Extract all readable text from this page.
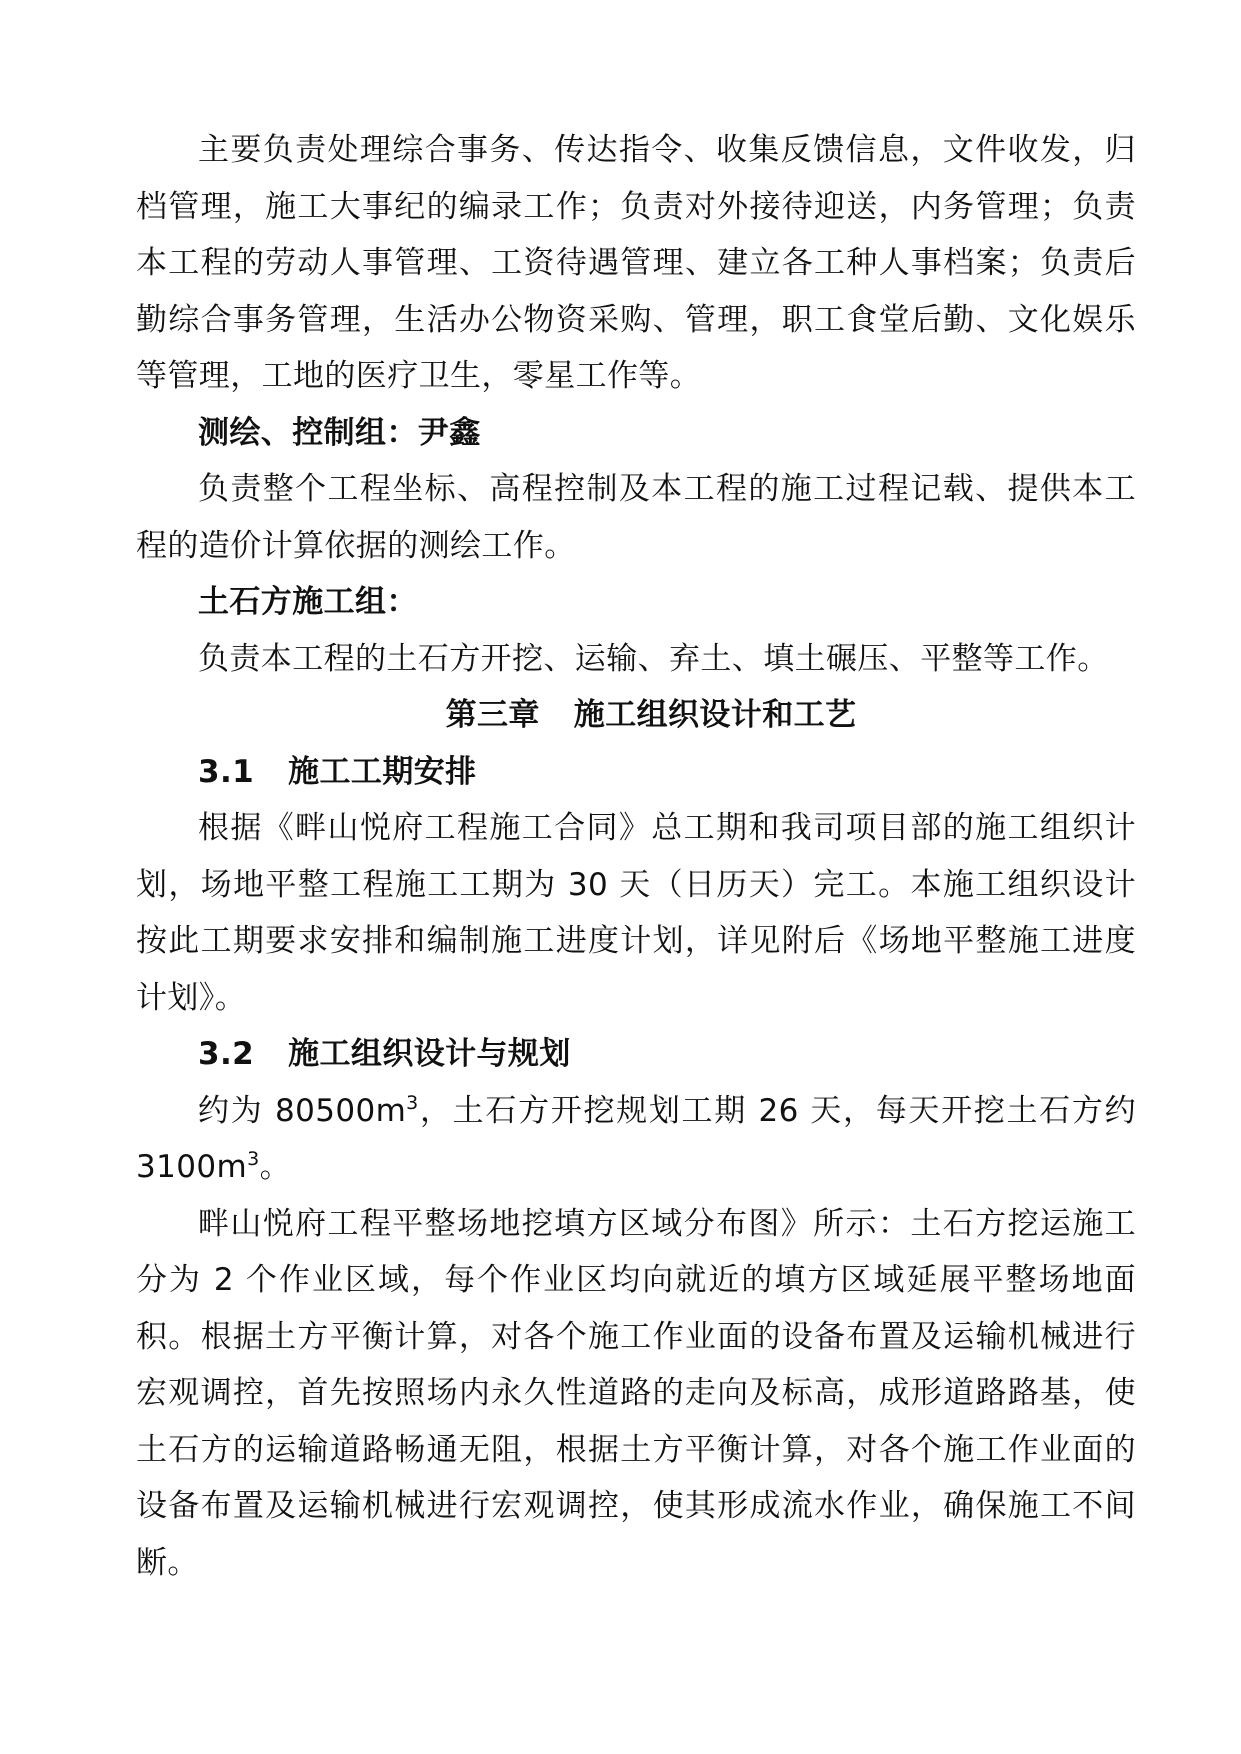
主要负责处理综合事务、传达指令、收集反馈信息，文件收发，归档管理，施工大事纪的编录工作；负责对外接待迎送，内务管理；负责本工程的劳动人事管理、工资待遇管理、建立各工种人事档案；负责后勤综合事务管理，生活办公物资采购、管理，职工食堂后勤、文化娱乐等管理，工地的医疗卫生，零星工作等。

测绘、控制组：尹鑫

负责整个工程坐标、高程控制及本工程的施工过程记载、提供本工程的造价计算依据的测绘工作。

土石方施工组：

负责本工程的土石方开挖、运输、弃土、填土碾压、平整等工作。

第三章 施工组织设计和工艺

3.1 施工工期安排

根据《畔山悦府工程施工合同》总工期和我司项目部的施工组织计划，场地平整工程施工工期为 30 天（日历天）完工。本施工组织设计按此工期要求安排和编制施工进度计划，详见附后《场地平整施工进度计划》。

3.2 施工组织设计与规划

约为 $80500m^3$，土石方开挖规划工期 26 天，每天开挖土石方约 $3100m^3$。

畔山悦府工程平整场地挖填方区域分布图》所示：土石方挖运施工分为 2 个作业区域，每个作业区均向就近的填方区域延展平整场地面积。根据土方平衡计算，对各个施工作业面的设备布置及运输机械进行宏观调控，首先按照场内永久性道路的走向及标高，成形道路路基，使土石方的运输道路畅通无阻，根据土方平衡计算，对各个施工作业面的设备布置及运输机械进行宏观调控，使其形成流水作业，确保施工不间断。
